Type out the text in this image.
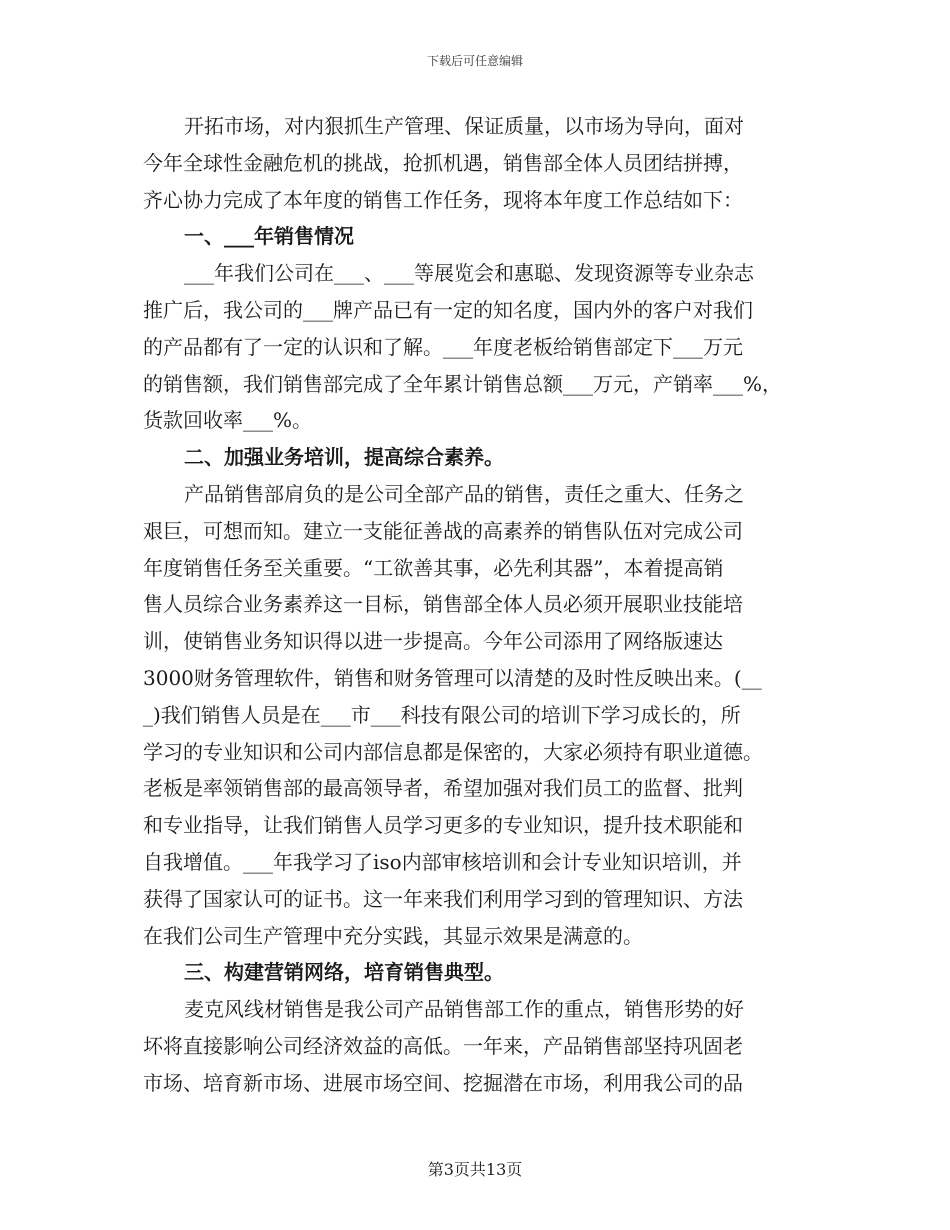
下载后可任意编辑
开拓市场，对内狠抓生产管理、保证质量，以市场为导向，面对
今年全球性金融危机的挑战，抢抓机遇，销售部全体人员团结拼搏，
齐心协力完成了本年度的销售工作任务，现将本年度工作总结如下：
一、___年销售情况
___年我们公司在___、___等展览会和惠聪、发现资源等专业杂志
推广后，我公司的___牌产品已有一定的知名度，国内外的客户对我们
的产品都有了一定的认识和了解。___年度老板给销售部定下___万元
的销售额，我们销售部完成了全年累计销售总额___万元，产销率___%，
货款回收率___%。
二、加强业务培训，提高综合素养。
产品销售部肩负的是公司全部产品的销售，责任之重大、任务之
艰巨，可想而知。建立一支能征善战的高素养的销售队伍对完成公司
年度销售任务至关重要。“工欲善其事，必先利其器”，本着提高销
售人员综合业务素养这一目标，销售部全体人员必须开展职业技能培
训，使销售业务知识得以进一步提高。今年公司添用了网络版速达
3000财务管理软件，销售和财务管理可以清楚的及时性反映出来。(__
_)我们销售人员是在___市___科技有限公司的培训下学习成长的，所
学习的专业知识和公司内部信息都是保密的，大家必须持有职业道德。
老板是率领销售部的最高领导者，希望加强对我们员工的监督、批判
和专业指导，让我们销售人员学习更多的专业知识，提升技术职能和
自我增值。___年我学习了iso内部审核培训和会计专业知识培训，并
获得了国家认可的证书。这一年来我们利用学习到的管理知识、方法
在我们公司生产管理中充分实践，其显示效果是满意的。
三、构建营销网络，培育销售典型。
麦克风线材销售是我公司产品销售部工作的重点，销售形势的好
坏将直接影响公司经济效益的高低。一年来，产品销售部坚持巩固老
市场、培育新市场、进展市场空间、挖掘潜在市场，利用我公司的品
第3页共13页
